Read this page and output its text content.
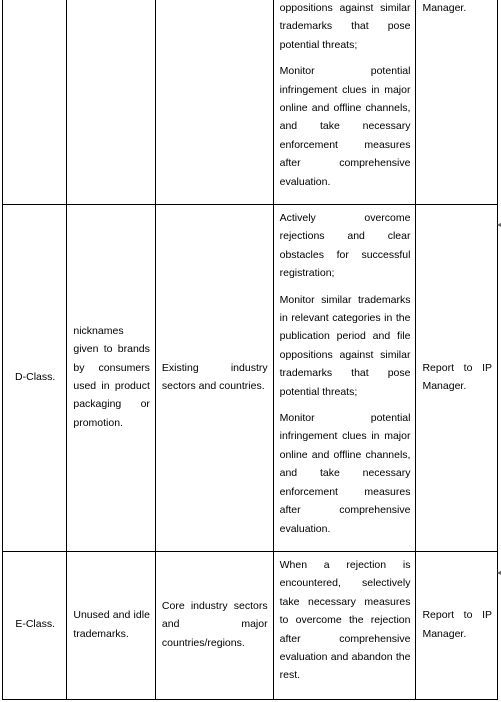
			oppositions against similar trademarks that pose potential threats;
Monitor potential infringement clues in major online and offline channels, and take necessary enforcement measures after comprehensive evaluation.	Manager.

D-Class.	nicknames given to brands by consumers used in product packaging or promotion.	Existing industry sectors and countries.	Actively overcome rejections and clear obstacles for successful registration;
Monitor similar trademarks in relevant categories in the publication period and file oppositions against similar trademarks that pose potential threats;
Monitor potential infringement clues in major online and offline channels, and take necessary enforcement measures after comprehensive evaluation.	Report to IP Manager.

E-Class.	Unused and idle trademarks.	Core industry sectors and major countries/regions.	When a rejection is encountered, selectively take necessary measures to overcome the rejection after comprehensive evaluation and abandon the rest.	Report to IP Manager.
◂
◂
